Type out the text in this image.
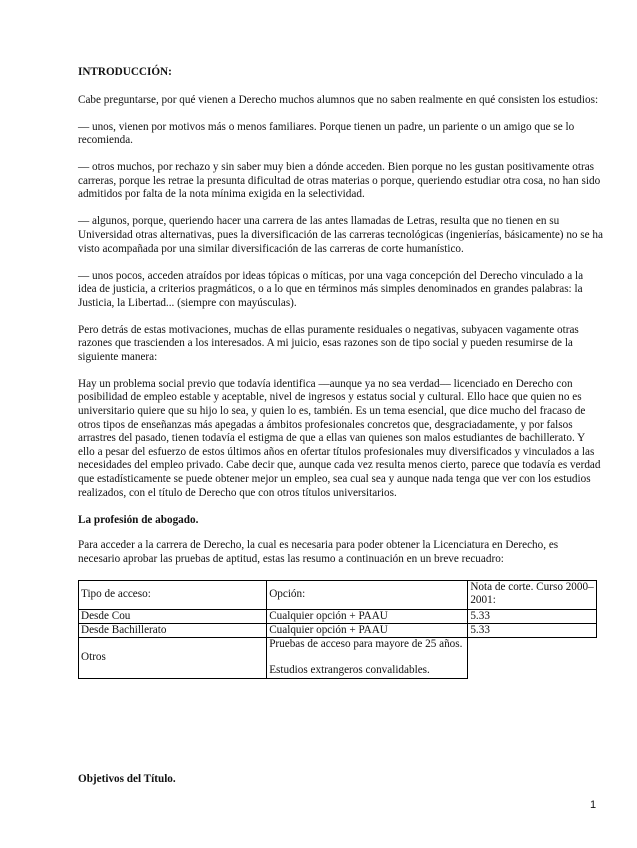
INTRODUCCIÓN:

Cabe preguntarse, por qué vienen a Derecho muchos alumnos que no saben realmente en qué consisten los estudios:

— unos, vienen por motivos más o menos familiares. Porque tienen un padre, un pariente o un amigo que se lo recomienda.

— otros muchos, por rechazo y sin saber muy bien a dónde acceden. Bien porque no les gustan positivamente otras carreras, porque les retrae la presunta dificultad de otras materias o porque, queriendo estudiar otra cosa, no han sido admitidos por falta de la nota mínima exigida en la selectividad.

— algunos, porque, queriendo hacer una carrera de las antes llamadas de Letras, resulta que no tienen en su Universidad otras alternativas, pues la diversificación de las carreras tecnológicas (ingenierías, básicamente) no se ha visto acompañada por una similar diversificación de las carreras de corte humanístico.

— unos pocos, acceden atraídos por ideas tópicas o míticas, por una vaga concepción del Derecho vinculado a la idea de justicia, a criterios pragmáticos, o a lo que en términos más simples denominados en grandes palabras: la Justicia, la Libertad... (siempre con mayúsculas).

Pero detrás de estas motivaciones, muchas de ellas puramente residuales o negativas, subyacen vagamente otras razones que trascienden a los interesados. A mi juicio, esas razones son de tipo social y pueden resumirse de la siguiente manera:

Hay un problema social previo que todavía identifica ––aunque ya no sea verdad–– licenciado en Derecho con posibilidad de empleo estable y aceptable, nivel de ingresos y estatus social y cultural. Ello hace que quien no es universitario quiere que su hijo lo sea, y quien lo es, también. Es un tema esencial, que dice mucho del fracaso de otros tipos de enseñanzas más apegadas a ámbitos profesionales concretos que, desgraciadamente, y por falsos arrastres del pasado, tienen todavía el estigma de que a ellas van quienes son malos estudiantes de bachillerato. Y ello a pesar del esfuerzo de estos últimos años en ofertar títulos profesionales muy diversificados y vinculados a las necesidades del empleo privado. Cabe decir que, aunque cada vez resulta menos cierto, parece que todavía es verdad que estadísticamente se puede obtener mejor un empleo, sea cual sea y aunque nada tenga que ver con los estudios realizados, con el título de Derecho que con otros títulos universitarios.

La profesión de abogado.

Para acceder a la carrera de Derecho, la cual es necesaria para poder obtener la Licenciatura en Derecho, es necesario aprobar las pruebas de aptitud, estas las resumo a continuación en un breve recuadro:

Tipo de acceso:	Opción:	Nota de corte. Curso 2000–2001:	
Desde Cou	Cualquier opción + PAAU	5.33	
Desde Bachillerato	Cualquier opción + PAAU	5.33	
Otros	Pruebas de acceso para mayore de 25 años.
Estudios extrangeros convalidables.		
Objetivos del Título.
1
